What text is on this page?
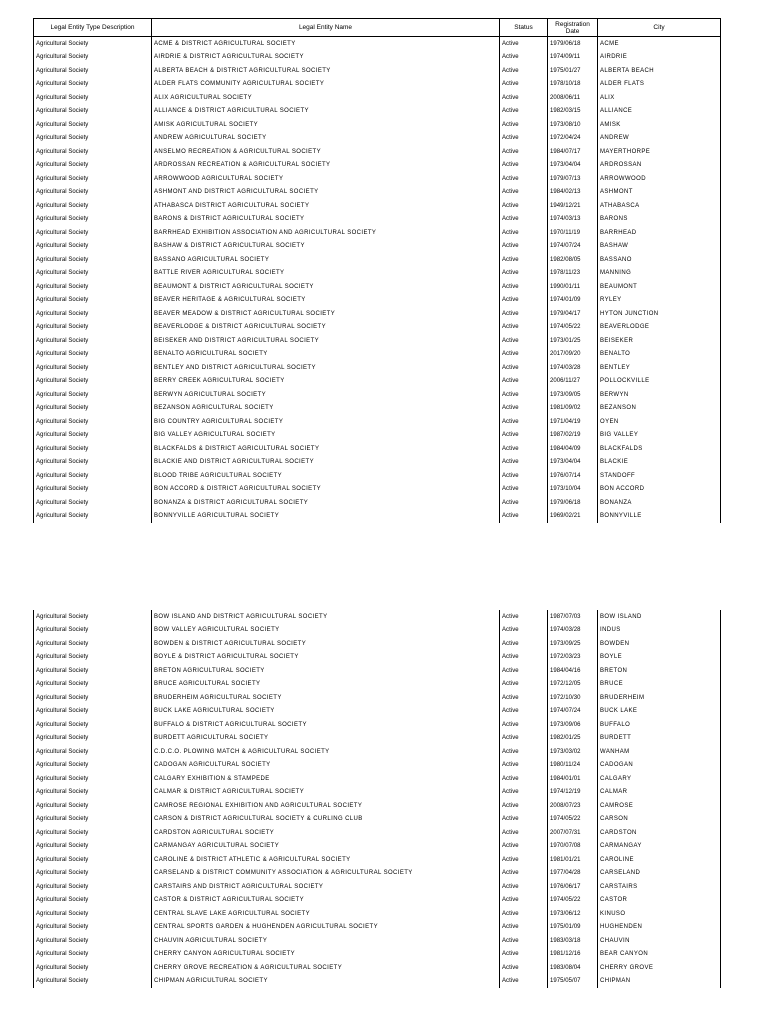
Legal Entity Type Description	Legal Entity Name	Status	Registration Date	City
Agricultural Society	ACME & DISTRICT AGRICULTURAL SOCIETY	Active	1979/06/18	ACME
Agricultural Society	AIRDRIE & DISTRICT AGRICULTURAL SOCIETY	Active	1974/09/11	AIRDRIE
Agricultural Society	ALBERTA BEACH & DISTRICT AGRICULTURAL SOCIETY	Active	1975/01/27	ALBERTA BEACH
Agricultural Society	ALDER FLATS COMMUNITY AGRICULTURAL SOCIETY	Active	1978/10/18	ALDER FLATS
Agricultural Society	ALIX AGRICULTURAL SOCIETY	Active	2008/06/11	ALIX
Agricultural Society	ALLIANCE & DISTRICT AGRICULTURAL SOCIETY	Active	1982/03/15	ALLIANCE
Agricultural Society	AMISK AGRICULTURAL SOCIETY	Active	1973/08/10	AMISK
Agricultural Society	ANDREW AGRICULTURAL SOCIETY	Active	1972/04/24	ANDREW
Agricultural Society	ANSELMO RECREATION & AGRICULTURAL SOCIETY	Active	1984/07/17	MAYERTHORPE
Agricultural Society	ARDROSSAN RECREATION & AGRICULTURAL SOCIETY	Active	1973/04/04	ARDROSSAN
Agricultural Society	ARROWWOOD AGRICULTURAL SOCIETY	Active	1979/07/13	ARROWWOOD
Agricultural Society	ASHMONT AND DISTRICT AGRICULTURAL SOCIETY	Active	1984/02/13	ASHMONT
Agricultural Society	ATHABASCA DISTRICT AGRICULTURAL SOCIETY	Active	1949/12/21	ATHABASCA
Agricultural Society	BARONS & DISTRICT AGRICULTURAL SOCIETY	Active	1974/03/13	BARONS
Agricultural Society	BARRHEAD EXHIBITION ASSOCIATION AND AGRICULTURAL SOCIETY	Active	1970/11/19	BARRHEAD
Agricultural Society	BASHAW & DISTRICT AGRICULTURAL SOCIETY	Active	1974/07/24	BASHAW
Agricultural Society	BASSANO AGRICULTURAL SOCIETY	Active	1982/08/05	BASSANO
Agricultural Society	BATTLE RIVER AGRICULTURAL SOCIETY	Active	1978/11/23	MANNING
Agricultural Society	BEAUMONT & DISTRICT AGRICULTURAL SOCIETY	Active	1990/01/11	BEAUMONT
Agricultural Society	BEAVER HERITAGE & AGRICULTURAL SOCIETY	Active	1974/01/09	RYLEY
Agricultural Society	BEAVER MEADOW & DISTRICT AGRICULTURAL SOCIETY	Active	1979/04/17	HYTON JUNCTION
Agricultural Society	BEAVERLODGE & DISTRICT AGRICULTURAL SOCIETY	Active	1974/05/22	BEAVERLODGE
Agricultural Society	BEISEKER AND DISTRICT AGRICULTURAL SOCIETY	Active	1973/01/25	BEISEKER
Agricultural Society	BENALTO AGRICULTURAL SOCIETY	Active	2017/09/20	BENALTO
Agricultural Society	BENTLEY AND DISTRICT AGRICULTURAL SOCIETY	Active	1974/03/28	BENTLEY
Agricultural Society	BERRY CREEK AGRICULTURAL SOCIETY	Active	2006/11/27	POLLOCKVILLE
Agricultural Society	BERWYN AGRICULTURAL SOCIETY	Active	1973/09/05	BERWYN
Agricultural Society	BEZANSON AGRICULTURAL SOCIETY	Active	1981/09/02	BEZANSON
Agricultural Society	BIG COUNTRY AGRICULTURAL SOCIETY	Active	1971/04/19	OYEN
Agricultural Society	BIG VALLEY AGRICULTURAL SOCIETY	Active	1987/02/19	BIG VALLEY
Agricultural Society	BLACKFALDS & DISTRICT AGRICULTURAL SOCIETY	Active	1984/04/09	BLACKFALDS
Agricultural Society	BLACKIE AND DISTRICT AGRICULTURAL SOCIETY	Active	1973/04/04	BLACKIE
Agricultural Society	BLOOD TRIBE AGRICULTURAL SOCIETY	Active	1976/07/14	STANDOFF
Agricultural Society	BON ACCORD & DISTRICT AGRICULTURAL SOCIETY	Active	1973/10/04	BON ACCORD
Agricultural Society	BONANZA & DISTRICT AGRICULTURAL SOCIETY	Active	1979/06/18	BONANZA
Agricultural Society	BONNYVILLE AGRICULTURAL SOCIETY	Active	1969/02/21	BONNYVILLE
Agricultural Society	BOW ISLAND AND DISTRICT AGRICULTURAL SOCIETY	Active	1987/07/03	BOW ISLAND
Agricultural Society	BOW VALLEY AGRICULTURAL SOCIETY	Active	1974/03/28	INDUS
Agricultural Society	BOWDEN & DISTRICT AGRICULTURAL SOCIETY	Active	1973/09/25	BOWDEN
Agricultural Society	BOYLE & DISTRICT AGRICULTURAL SOCIETY	Active	1972/03/23	BOYLE
Agricultural Society	BRETON AGRICULTURAL SOCIETY	Active	1984/04/16	BRETON
Agricultural Society	BRUCE AGRICULTURAL SOCIETY	Active	1972/12/05	BRUCE
Agricultural Society	BRUDERHEIM AGRICULTURAL SOCIETY	Active	1972/10/30	BRUDERHEIM
Agricultural Society	BUCK LAKE AGRICULTURAL SOCIETY	Active	1974/07/24	BUCK LAKE
Agricultural Society	BUFFALO & DISTRICT AGRICULTURAL SOCIETY	Active	1973/09/06	BUFFALO
Agricultural Society	BURDETT AGRICULTURAL SOCIETY	Active	1982/01/25	BURDETT
Agricultural Society	C.D.C.O. PLOWING MATCH & AGRICULTURAL SOCIETY	Active	1973/03/02	WANHAM
Agricultural Society	CADOGAN AGRICULTURAL SOCIETY	Active	1980/11/24	CADOGAN
Agricultural Society	CALGARY EXHIBITION & STAMPEDE	Active	1984/01/01	CALGARY
Agricultural Society	CALMAR & DISTRICT AGRICULTURAL SOCIETY	Active	1974/12/19	CALMAR
Agricultural Society	CAMROSE REGIONAL EXHIBITION AND AGRICULTURAL SOCIETY	Active	2008/07/23	CAMROSE
Agricultural Society	CARSON & DISTRICT AGRICULTURAL SOCIETY & CURLING CLUB	Active	1974/05/22	CARSON
Agricultural Society	CARDSTON AGRICULTURAL SOCIETY	Active	2007/07/31	CARDSTON
Agricultural Society	CARMANGAY AGRICULTURAL SOCIETY	Active	1970/07/08	CARMANGAY
Agricultural Society	CAROLINE & DISTRICT ATHLETIC & AGRICULTURAL SOCIETY	Active	1981/01/21	CAROLINE
Agricultural Society	CARSELAND & DISTRICT COMMUNITY ASSOCIATION & AGRICULTURAL SOCIETY	Active	1977/04/28	CARSELAND
Agricultural Society	CARSTAIRS AND DISTRICT AGRICULTURAL SOCIETY	Active	1976/06/17	CARSTAIRS
Agricultural Society	CASTOR & DISTRICT AGRICULTURAL SOCIETY	Active	1974/05/22	CASTOR
Agricultural Society	CENTRAL SLAVE LAKE AGRICULTURAL SOCIETY	Active	1973/06/12	KINUSO
Agricultural Society	CENTRAL SPORTS GARDEN & HUGHENDEN AGRICULTURAL SOCIETY	Active	1975/01/09	HUGHENDEN
Agricultural Society	CHAUVIN AGRICULTURAL SOCIETY	Active	1983/03/18	CHAUVIN
Agricultural Society	CHERRY CANYON AGRICULTURAL SOCIETY	Active	1981/12/16	BEAR CANYON
Agricultural Society	CHERRY GROVE RECREATION & AGRICULTURAL SOCIETY	Active	1983/08/04	CHERRY GROVE
Agricultural Society	CHIPMAN AGRICULTURAL SOCIETY	Active	1975/05/07	CHIPMAN
